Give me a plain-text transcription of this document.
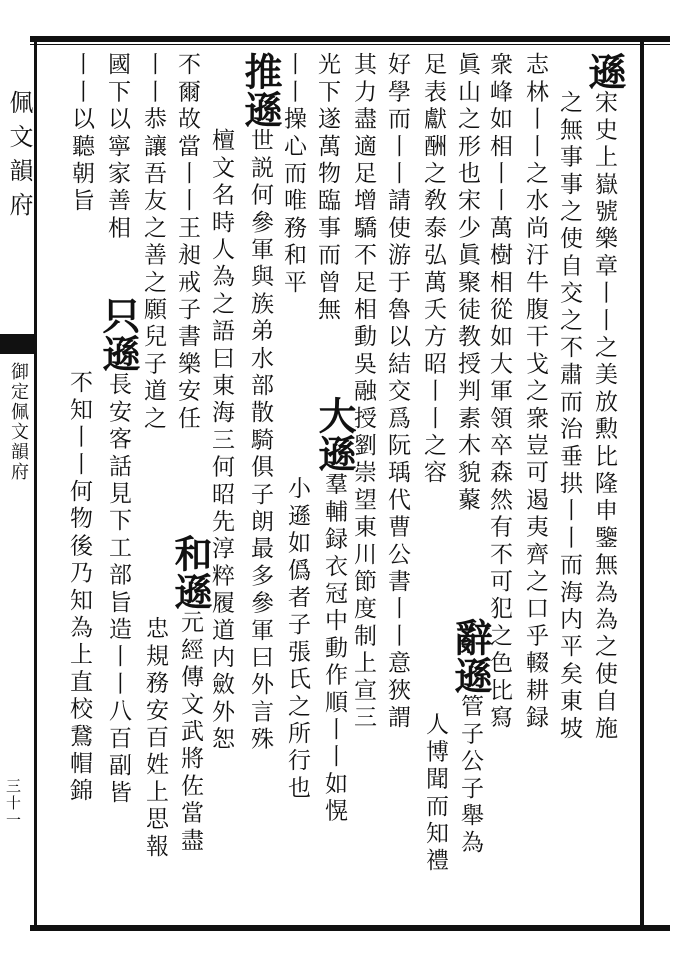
遜宋史上嶽號樂章丨丨之美放勲比隆申鑒無為為之使自施
之無事事之使自交之不肅而治垂拱丨丨而海内平矣東坡
志林丨丨之水尚汙牛腹干戈之衆豈可遏夷齊之口乎輟耕録
衆峰如相丨丨萬樹相從如大軍領卒森然有不可犯之色比寫
眞山之形也宋少眞聚徒教授判素木貌藂
辭遜管子公子舉為
足表獻酬之敎泰弘萬夭方昭丨丨之容
人博聞而知禮
好學而丨丨請使游于魯以結交爲阮瑀代曹公書丨丨意狹謂
其力盡適足增驕不足相動吳融授劉崇望東川節度制上宣三
大遜羣輔録衣冠中動作順丨丨如愰
光下遂萬物臨事而曾無
小遜如僞者子張氏之所行也
丨丨操心而唯務和平
推遜世説何參軍與族弟水部散騎俱子朗最多參軍曰外言殊
檀文名時人為之語曰東海三何昭先淳粹履道内斂外恕
不爾故當丨丨王昶戒子書樂安任
和遜元經傳文武將佐當盡
丨丨恭讓吾友之善之願兒子道之
忠規務安百姓上思報
國下以寧家善相
只遜長安客話見下工部旨造丨丨八百副皆
丨丨以聽朝旨
不知丨丨何物後乃知為上直校鵞帽錦
佩文韻府
御定佩文韻府
三十一
